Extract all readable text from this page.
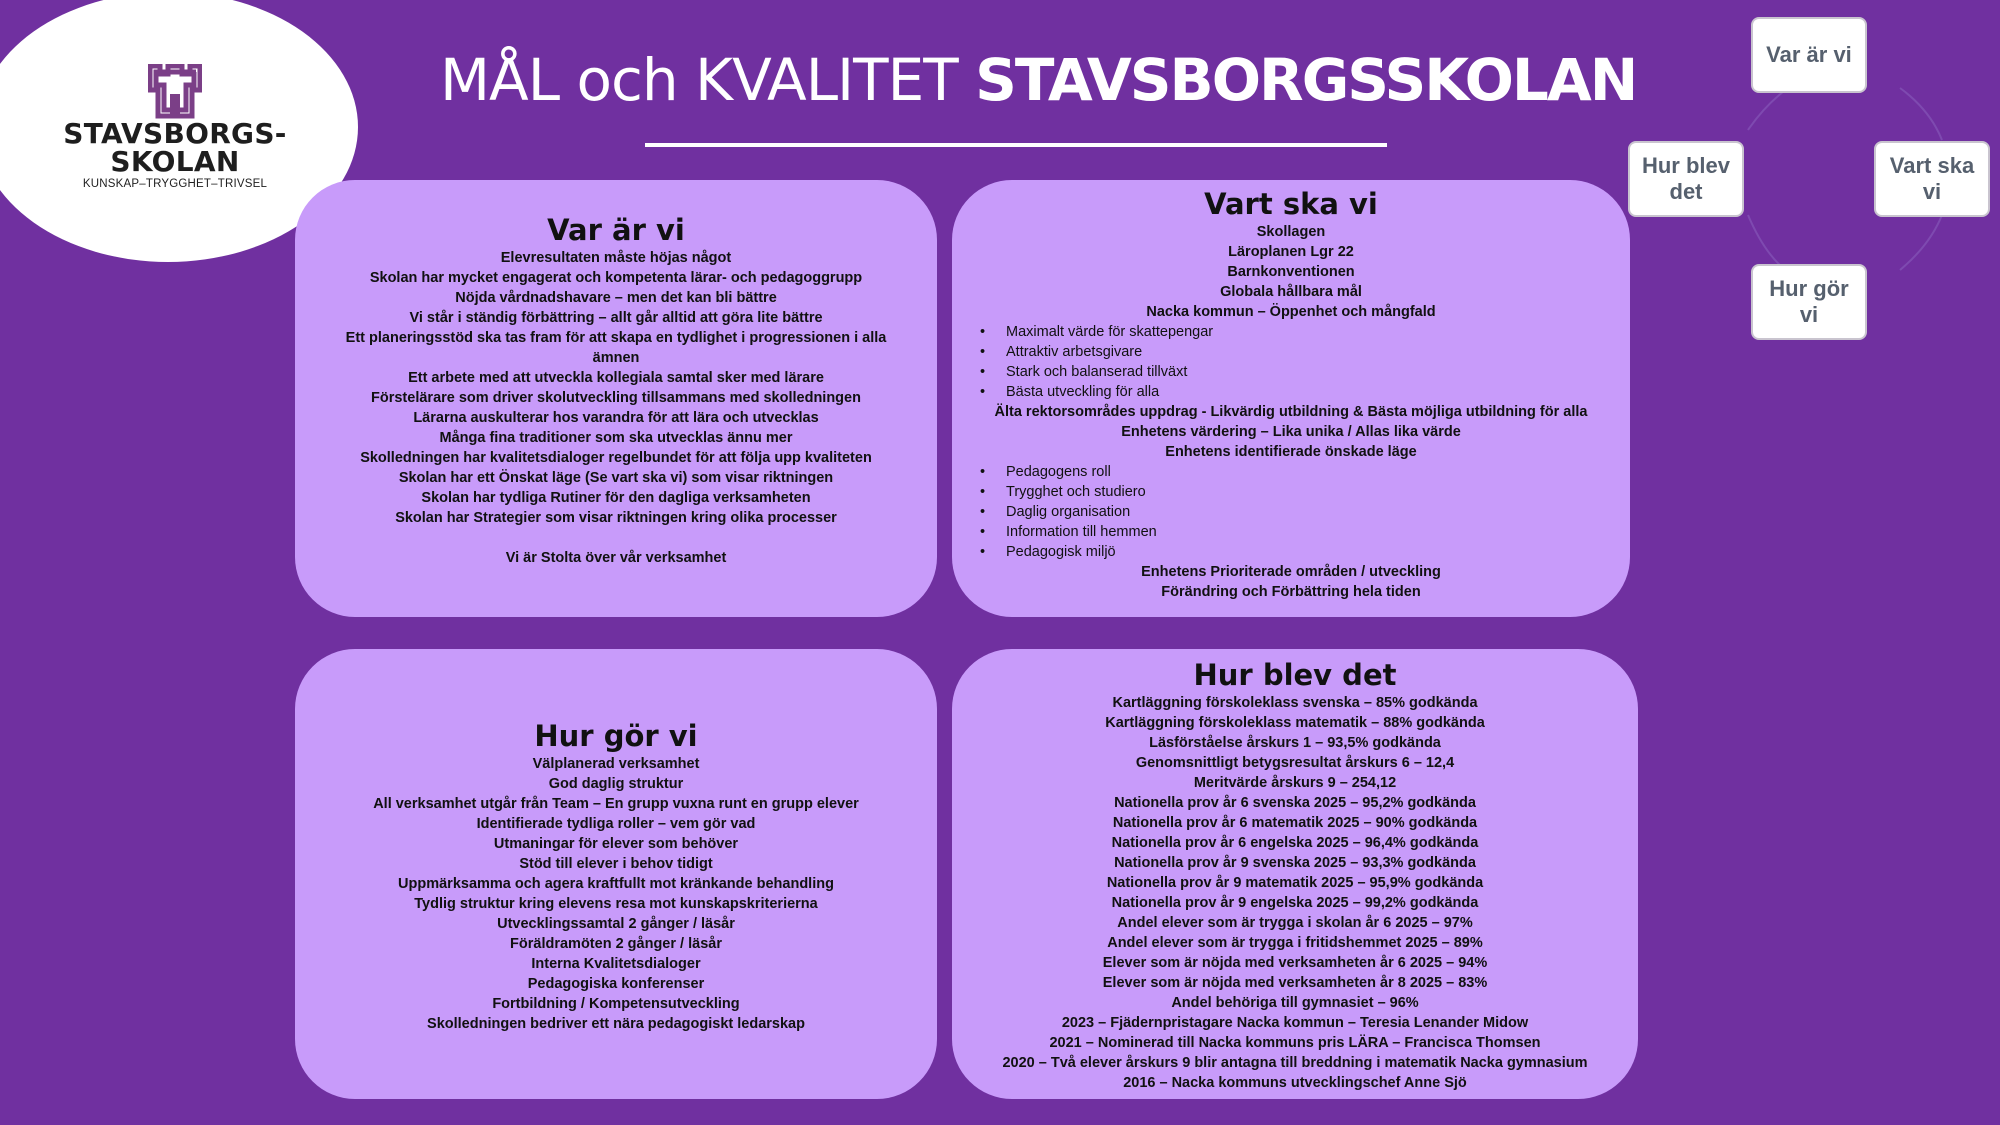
STAVSBORGS-
SKOLAN
KUNSKAP–TRYGGHET–TRIVSEL
MÅL och KVALITET STAVSBORGSSKOLAN	Var är vi
Vart ska
vi
Hur gör
vi
Hur blev
det
Var är vi
Elevresultaten måste höjas något
Skolan har mycket engagerat och kompetenta lärar- och pedagoggrupp
Nöjda vårdnadshavare – men det kan bli bättre
Vi står i ständig förbättring – allt går alltid att göra lite bättre
Ett planeringsstöd ska tas fram för att skapa en tydlighet i progressionen i alla
ämnen
Ett arbete med att utveckla kollegiala samtal sker med lärare
Förstelärare som driver skolutveckling tillsammans med skolledningen
Lärarna auskulterar hos varandra för att lära och utvecklas
Många fina traditioner som ska utvecklas ännu mer
Skolledningen har kvalitetsdialoger regelbundet för att följa upp kvaliteten
Skolan har ett Önskat läge (Se vart ska vi) som visar riktningen
Skolan har tydliga Rutiner för den dagliga verksamheten
Skolan har Strategier som visar riktningen kring olika processer
Vi är Stolta över vår verksamhet
Vart ska vi
Skollagen
Läroplanen Lgr 22
Barnkonventionen
Globala hållbara mål
Nacka kommun – Öppenhet och mångfald
• Maximalt värde för skattepengar
• Attraktiv arbetsgivare
• Stark och balanserad tillväxt
• Bästa utveckling för alla
Älta rektorsområdes uppdrag - Likvärdig utbildning & Bästa möjliga utbildning för alla
Enhetens värdering – Lika unika / Allas lika värde
Enhetens identifierade önskade läge
• Pedagogens roll
• Trygghet och studiero
• Daglig organisation
• Information till hemmen
• Pedagogisk miljö
Enhetens Prioriterade områden / utveckling
Förändring och Förbättring hela tiden
Hur gör vi
Välplanerad verksamhet
God daglig struktur
All verksamhet utgår från Team – En grupp vuxna runt en grupp elever
Identifierade tydliga roller – vem gör vad
Utmaningar för elever som behöver
Stöd till elever i behov tidigt
Uppmärksamma och agera kraftfullt mot kränkande behandling
Tydlig struktur kring elevens resa mot kunskapskriterierna
Utvecklingssamtal 2 gånger / läsår
Föräldramöten 2 gånger / läsår
Interna Kvalitetsdialoger
Pedagogiska konferenser
Fortbildning / Kompetensutveckling
Skolledningen bedriver ett nära pedagogiskt ledarskap
Hur blev det
Kartläggning förskoleklass svenska – 85% godkända
Kartläggning förskoleklass matematik – 88% godkända
Läsförståelse årskurs 1 – 93,5% godkända
Genomsnittligt betygsresultat årskurs 6 – 12,4
Meritvärde årskurs 9 – 254,12
Nationella prov år 6 svenska 2025 – 95,2% godkända
Nationella prov år 6 matematik 2025 – 90% godkända
Nationella prov år 6 engelska 2025 – 96,4% godkända
Nationella prov år 9 svenska 2025 – 93,3% godkända
Nationella prov år 9 matematik 2025 – 95,9% godkända
Nationella prov år 9 engelska 2025 – 99,2% godkända
Andel elever som är trygga i skolan år 6 2025 – 97%
Andel elever som är trygga i fritidshemmet 2025 – 89%
Elever som är nöjda med verksamheten år 6 2025 – 94%
Elever som är nöjda med verksamheten år 8 2025 – 83%
Andel behöriga till gymnasiet – 96%
2023 – Fjädernpristagare Nacka kommun – Teresia Lenander Midow
2021 – Nominerad till Nacka kommuns pris LÄRA – Francisca Thomsen
2020 – Två elever årskurs 9 blir antagna till breddning i matematik Nacka gymnasium
2016 – Nacka kommuns utvecklingschef Anne Sjö
